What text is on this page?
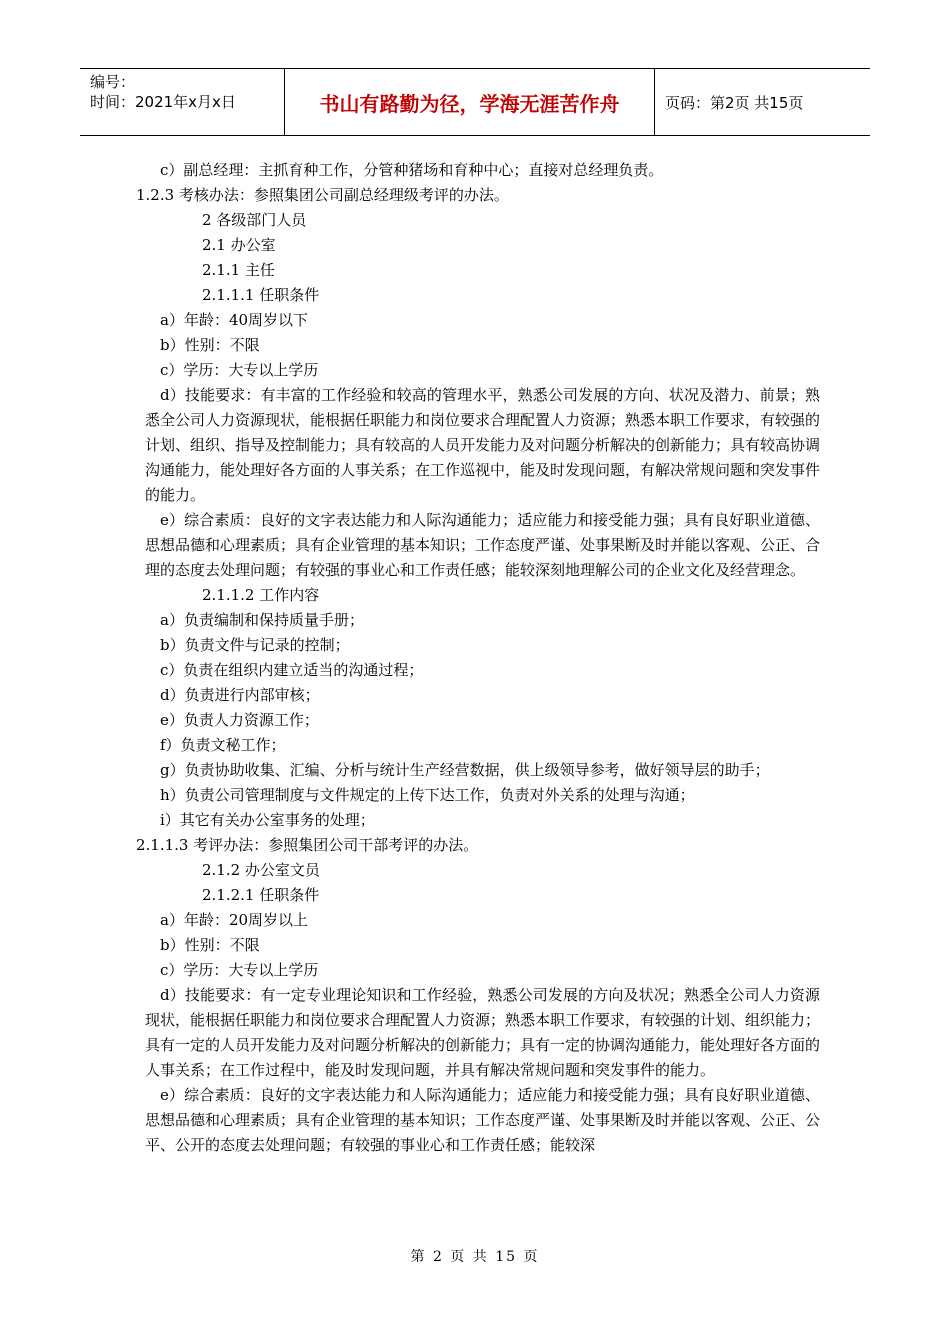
编号：
时间：2021年x月x日	书山有路勤为径，学海无涯苦作舟	页码：第2页 共15页
c）副总经理：主抓育种工作，分管种猪场和育种中心；直接对总经理负责。
1.2.3 考核办法：参照集团公司副总经理级考评的办法。
2 各级部门人员
2.1 办公室
2.1.1 主任
2.1.1.1 任职条件
a）年龄：40周岁以下
b）性别：不限
c）学历：大专以上学历
d）技能要求：有丰富的工作经验和较高的管理水平，熟悉公司发展的方向、状况及潜力、前景；熟悉全公司人力资源现状，能根据任职能力和岗位要求合理配置人力资源；熟悉本职工作要求，有较强的计划、组织、指导及控制能力；具有较高的人员开发能力及对问题分析解决的创新能力；具有较高协调沟通能力，能处理好各方面的人事关系；在工作巡视中，能及时发现问题，有解决常规问题和突发事件的能力。
e）综合素质：良好的文字表达能力和人际沟通能力；适应能力和接受能力强；具有良好职业道德、思想品德和心理素质；具有企业管理的基本知识；工作态度严谨、处事果断及时并能以客观、公正、合理的态度去处理问题；有较强的事业心和工作责任感；能较深刻地理解公司的企业文化及经营理念。
2.1.1.2 工作内容
a）负责编制和保持质量手册；
b）负责文件与记录的控制；
c）负责在组织内建立适当的沟通过程；
d）负责进行内部审核；
e）负责人力资源工作；
f）负责文秘工作；
g）负责协助收集、汇编、分析与统计生产经营数据，供上级领导参考，做好领导层的助手；
h）负责公司管理制度与文件规定的上传下达工作，负责对外关系的处理与沟通；
i）其它有关办公室事务的处理；
2.1.1.3 考评办法：参照集团公司干部考评的办法。
2.1.2 办公室文员
2.1.2.1 任职条件
a）年龄：20周岁以上
b）性别：不限
c）学历：大专以上学历
d）技能要求：有一定专业理论知识和工作经验，熟悉公司发展的方向及状况；熟悉全公司人力资源现状，能根据任职能力和岗位要求合理配置人力资源；熟悉本职工作要求，有较强的计划、组织能力；具有一定的人员开发能力及对问题分析解决的创新能力；具有一定的协调沟通能力，能处理好各方面的人事关系；在工作过程中，能及时发现问题，并具有解决常规问题和突发事件的能力。
e）综合素质：良好的文字表达能力和人际沟通能力；适应能力和接受能力强；具有良好职业道德、思想品德和心理素质；具有企业管理的基本知识；工作态度严谨、处事果断及时并能以客观、公正、公平、公开的态度去处理问题；有较强的事业心和工作责任感；能较深
第 2 页 共 15 页
